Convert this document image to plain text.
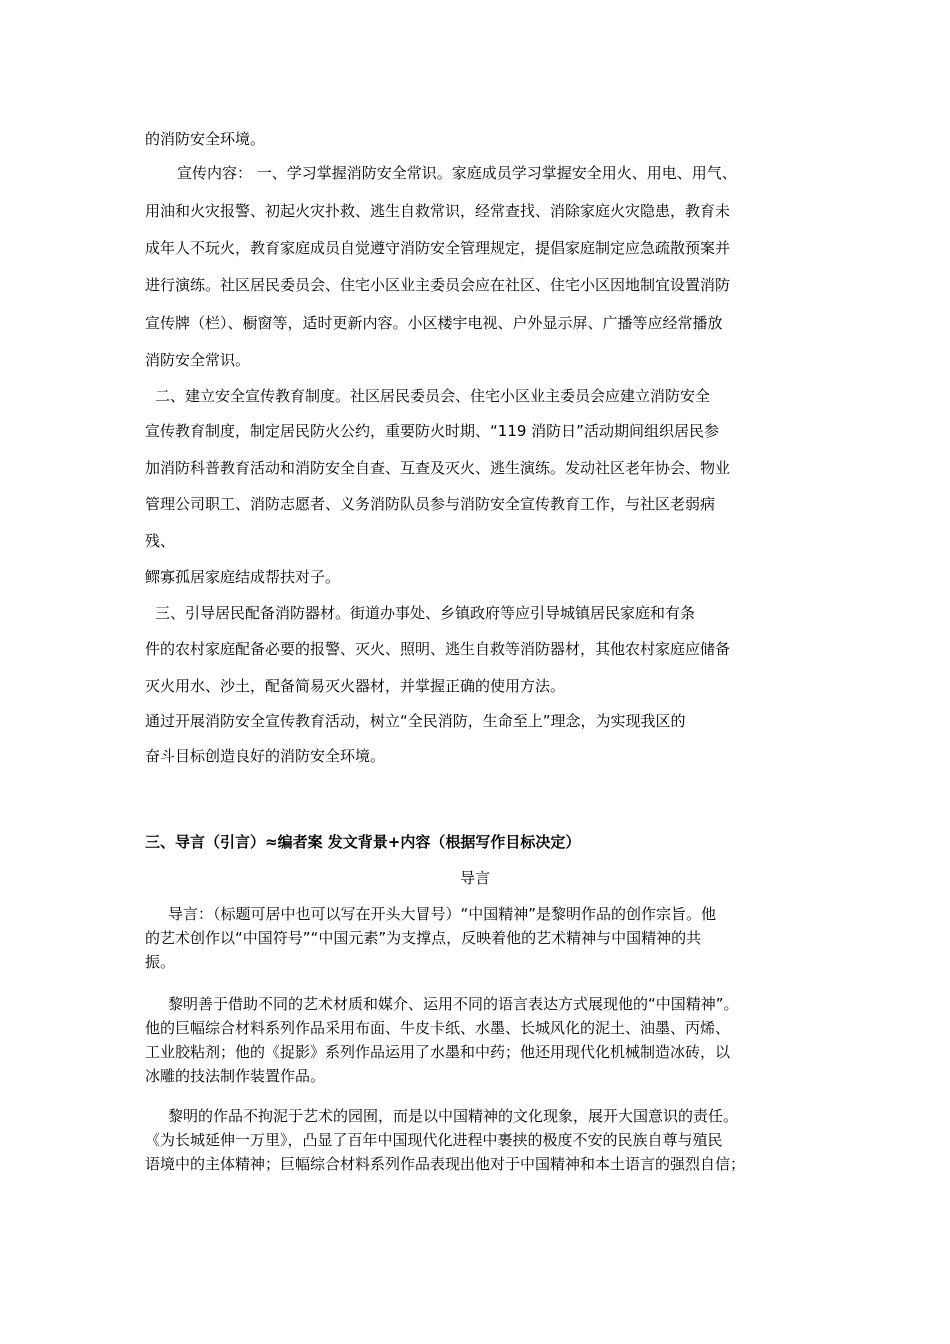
的消防安全环境。
宣传内容： 一、学习掌握消防安全常识。家庭成员学习掌握安全用火、用电、用气、
用油和火灾报警、初起火灾扑救、逃生自救常识，经常查找、消除家庭火灾隐患，教育未
成年人不玩火，教育家庭成员自觉遵守消防安全管理规定，提倡家庭制定应急疏散预案并
进行演练。社区居民委员会、住宅小区业主委员会应在社区、住宅小区因地制宜设置消防
宣传牌（栏）、橱窗等，适时更新内容。小区楼宇电视、户外显示屏、广播等应经常播放
消防安全常识。
二、建立安全宣传教育制度。社区居民委员会、住宅小区业主委员会应建立消防安全
宣传教育制度，制定居民防火公约，重要防火时期、“119 消防日”活动期间组织居民参
加消防科普教育活动和消防安全自查、互查及灭火、逃生演练。发动社区老年协会、物业
管理公司职工、消防志愿者、义务消防队员参与消防安全宣传教育工作，与社区老弱病
残、
鳏寡孤居家庭结成帮扶对子。
三、引导居民配备消防器材。街道办事处、乡镇政府等应引导城镇居民家庭和有条
件的农村家庭配备必要的报警、灭火、照明、逃生自救等消防器材，其他农村家庭应储备
灭火用水、沙土，配备简易灭火器材，并掌握正确的使用方法。
通过开展消防安全宣传教育活动，树立“全民消防，生命至上”理念，为实现我区的
奋斗目标创造良好的消防安全环境。
三、导言（引言）≈编者案 发文背景+内容（根据写作目标决定）
导言
导言：（标题可居中也可以写在开头大冒号）“中国精神”是黎明作品的创作宗旨。他
的艺术创作以“中国符号”“中国元素”为支撑点，反映着他的艺术精神与中国精神的共
振。
黎明善于借助不同的艺术材质和媒介、运用不同的语言表达方式展现他的“中国精神”。
他的巨幅综合材料系列作品采用布面、牛皮卡纸、水墨、长城风化的泥土、油墨、丙烯、
工业胶粘剂；他的《捉影》系列作品运用了水墨和中药；他还用现代化机械制造冰砖，以
冰雕的技法制作装置作品。
黎明的作品不拘泥于艺术的园囿，而是以中国精神的文化现象，展开大国意识的责任。
《为长城延伸一万里》，凸显了百年中国现代化进程中裹挟的极度不安的民族自尊与殖民
语境中的主体精神；巨幅综合材料系列作品表现出他对于中国精神和本土语言的强烈自信；
